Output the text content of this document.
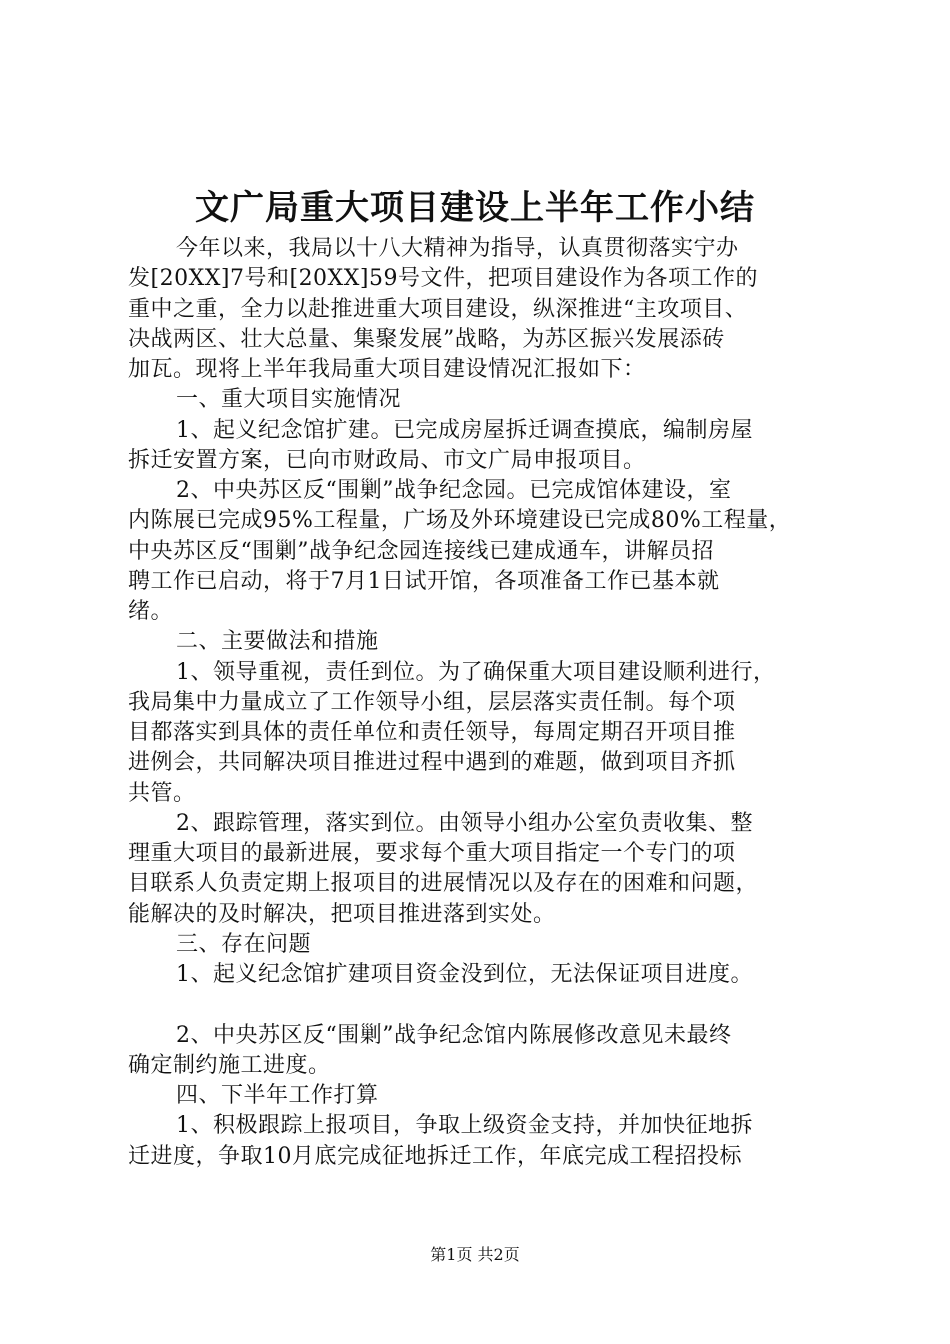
文广局重大项目建设上半年工作小结
今年以来，我局以十八大精神为指导，认真贯彻落实宁办
发[20XX]7号和[20XX]59号文件，把项目建设作为各项工作的
重中之重，全力以赴推进重大项目建设，纵深推进“主攻项目、
决战两区、壮大总量、集聚发展”战略，为苏区振兴发展添砖
加瓦。现将上半年我局重大项目建设情况汇报如下：
一、重大项目实施情况
1、起义纪念馆扩建。已完成房屋拆迁调查摸底，编制房屋
拆迁安置方案，已向市财政局、市文广局申报项目。
2、中央苏区反“围剿”战争纪念园。已完成馆体建设，室
内陈展已完成95%工程量，广场及外环境建设已完成80%工程量，
中央苏区反“围剿”战争纪念园连接线已建成通车，讲解员招
聘工作已启动，将于7月1日试开馆，各项准备工作已基本就
绪。
二、主要做法和措施
1、领导重视，责任到位。为了确保重大项目建设顺利进行，
我局集中力量成立了工作领导小组，层层落实责任制。每个项
目都落实到具体的责任单位和责任领导，每周定期召开项目推
进例会，共同解决项目推进过程中遇到的难题，做到项目齐抓
共管。
2、跟踪管理，落实到位。由领导小组办公室负责收集、整
理重大项目的最新进展，要求每个重大项目指定一个专门的项
目联系人负责定期上报项目的进展情况以及存在的困难和问题，
能解决的及时解决，把项目推进落到实处。
三、存在问题
1、起义纪念馆扩建项目资金没到位，无法保证项目进度。
2、中央苏区反“围剿”战争纪念馆内陈展修改意见未最终
确定制约施工进度。
四、下半年工作打算
1、积极跟踪上报项目，争取上级资金支持，并加快征地拆
迁进度，争取10月底完成征地拆迁工作，年底完成工程招投标
第1页 共2页
